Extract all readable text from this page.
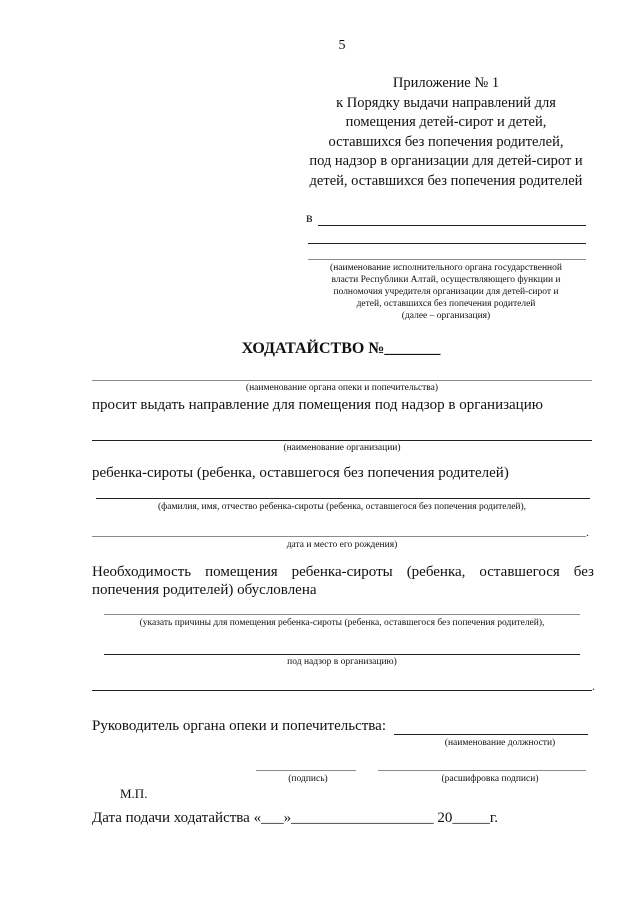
5
Приложение № 1
к Порядку выдачи направлений для
помещения детей-сирот и детей,
оставшихся без попечения родителей,
под надзор в организации для детей-сирот и
детей, оставшихся без попечения родителей
в
(наименование исполнительного органа государственной
власти Республики Алтай, осуществляющего функции и
полномочия учредителя организации для детей-сирот и
детей, оставшихся без попечения родителей
(далее – организация)
ХОДАТАЙСТВО №_______
(наименование органа опеки и попечительства)
просит выдать направление для помещения под надзор в организацию
(наименование организации)
ребенка-сироты (ребенка, оставшегося без попечения родителей)
(фамилия, имя, отчество ребенка-сироты (ребенка, оставшегося без попечения родителей),
.
дата и место его рождения)
Необходимость помещения ребенка-сироты (ребенка, оставшегося без
попечения родителей) обусловлена
(указать причины для помещения ребенка-сироты (ребенка, оставшегося без попечения родителей),
под надзор в организацию)
.
Руководитель органа опеки и попечительства:
(наименование должности)
(подпись)	(расшифровка подписи)
М.П.
Дата подачи ходатайства «___»___________________ 20_____г.
